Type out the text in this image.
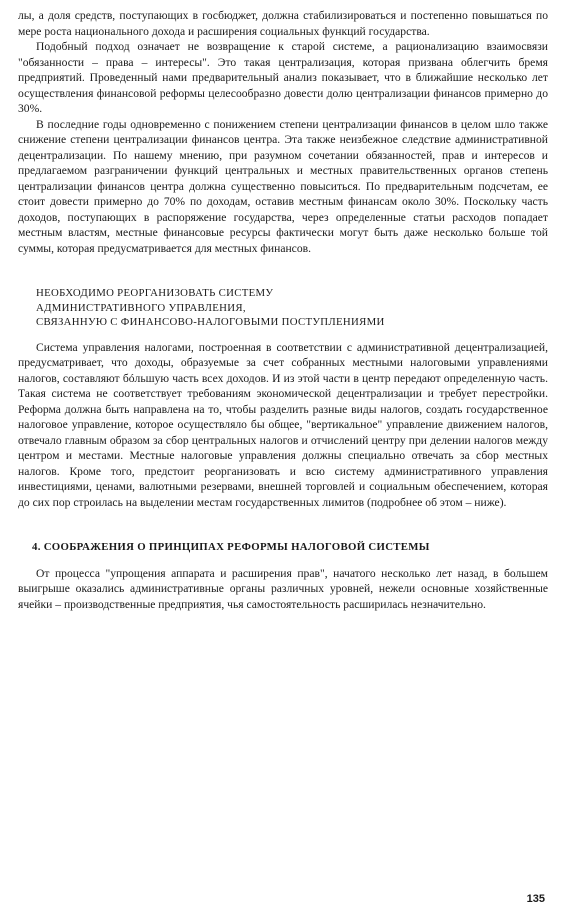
лы, а доля средств, поступающих в госбюджет, должна стабилизироваться и постепенно повышаться по мере роста национального дохода и расширения социальных функций государства.

Подобный подход означает не возвращение к старой системе, а рационализацию взаимосвязи "обязанности – права – интересы". Это такая централизация, которая призвана облегчить бремя предприятий. Проведенный нами предварительный анализ показывает, что в ближайшие несколько лет осуществления финансовой реформы целесообразно довести долю централизации финансов примерно до 30%.

В последние годы одновременно с понижением степени централизации финансов в целом шло также снижение степени централизации финансов центра. Эта также неизбежное следствие административной децентрализации. По нашему мнению, при разумном сочетании обязанностей, прав и интересов и предлагаемом разграничении функций центральных и местных правительственных органов степень централизации финансов центра должна существенно повыситься. По предварительным подсчетам, ее стоит довести примерно до 70% по доходам, оставив местным финансам около 30%. Поскольку часть доходов, поступающих в распоряжение государства, через определенные статьи расходов попадает местным властям, местные финансовые ресурсы фактически могут быть даже несколько больше той суммы, которая предусматривается для местных финансов.

НЕОБХОДИМО РЕОРГАНИЗОВАТЬ СИСТЕМУ
АДМИНИСТРАТИВНОГО УПРАВЛЕНИЯ,
СВЯЗАННУЮ С ФИНАНСОВО-НАЛОГОВЫМИ ПОСТУПЛЕНИЯМИ

Система управления налогами, построенная в соответствии с административной децентрализацией, предусматривает, что доходы, образуемые за счет собранных местными налоговыми управлениями налогов, составляют бóльшую часть всех доходов. И из этой части в центр передают определенную часть. Такая система не соответствует требованиям экономической децентрализации и требует перестройки. Реформа должна быть направлена на то, чтобы разделить разные виды налогов, создать государственное налоговое управление, которое осуществляло бы общее, "вертикальное" управление движением налогов, отвечало главным образом за сбор центральных налогов и отчислений центру при делении налогов между центром и местами. Местные налоговые управления должны специально отвечать за сбор местных налогов. Кроме того, предстоит реорганизовать и всю систему административного управления инвестициями, ценами, валютными резервами, внешней торговлей и социальным обеспечением, которая до сих пор строилась на выделении местам государственных лимитов (подробнее об этом – ниже).

4. СООБРАЖЕНИЯ О ПРИНЦИПАХ РЕФОРМЫ НАЛОГОВОЙ СИСТЕМЫ

От процесса "упрощения аппарата и расширения прав", начатого несколько лет назад, в большем выигрыше оказались административные органы различных уровней, нежели основные хозяйственные ячейки – производственные предприятия, чья самостоятельность расширилась незначительно.

135
